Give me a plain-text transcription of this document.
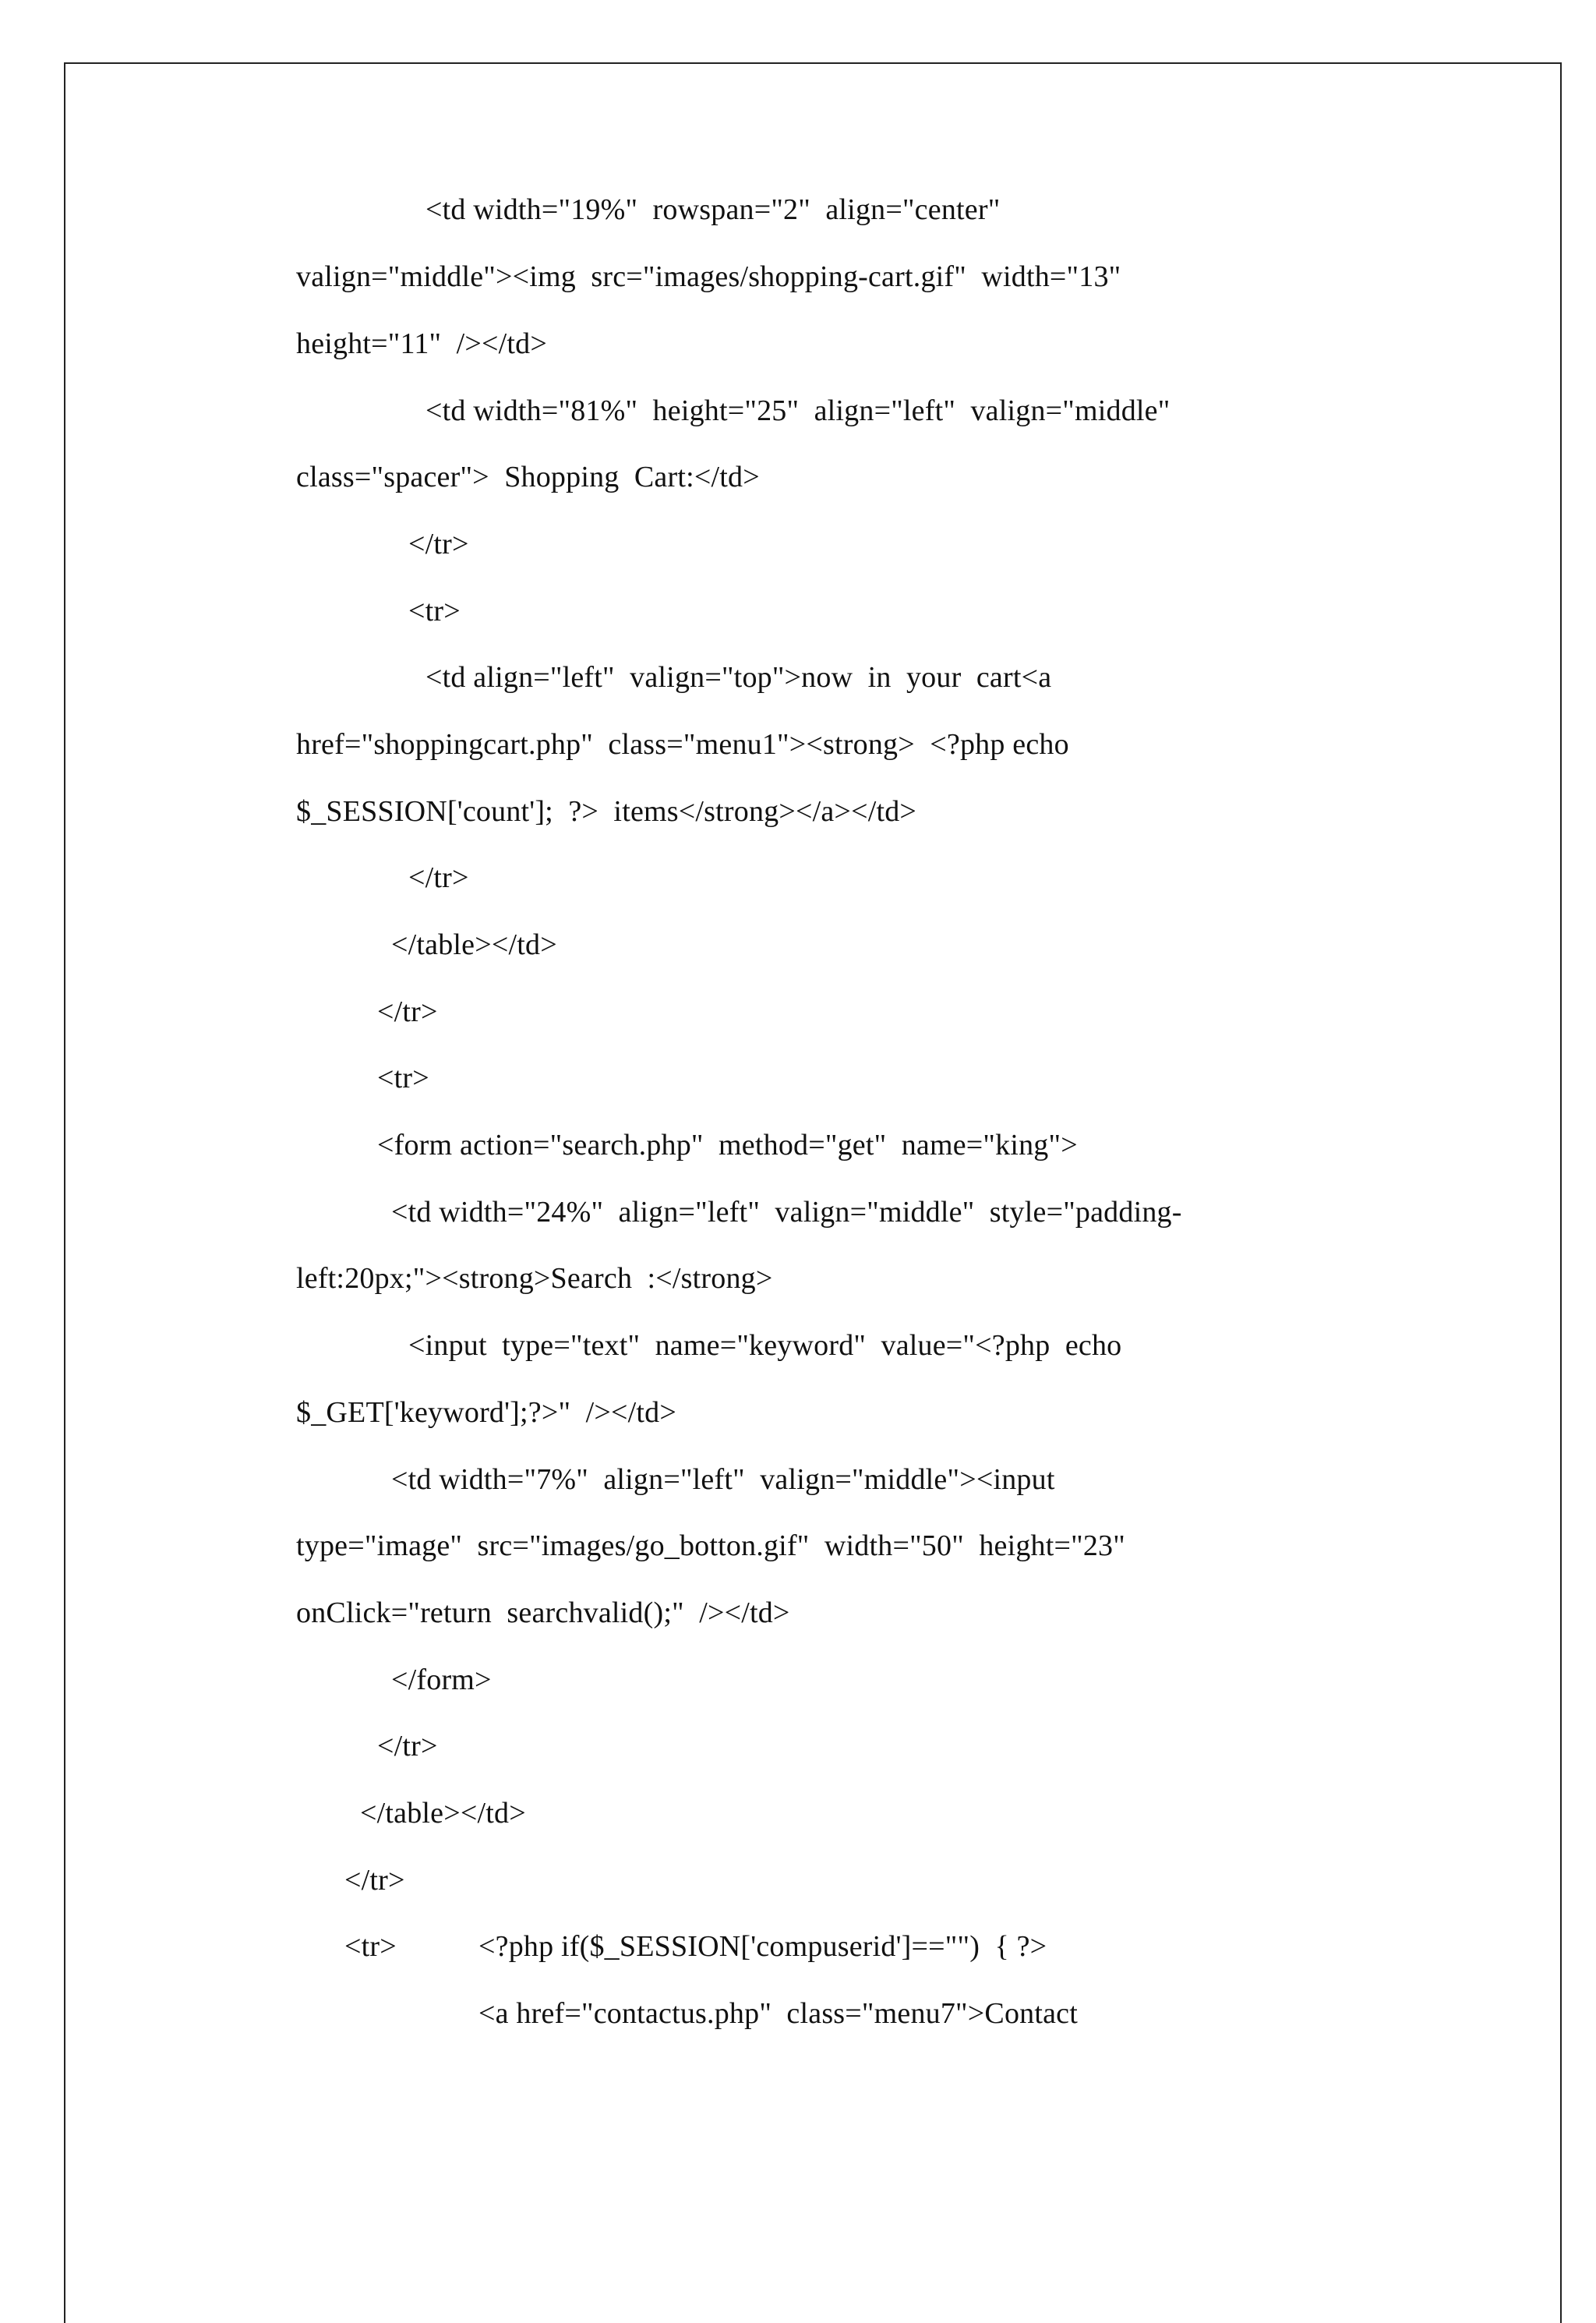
<td width="19%"  rowspan="2"  align="center"
valign="middle"><img  src="images/shopping-cart.gif"  width="13"
height="11"  /></td>
<td width="81%"  height="25"  align="left"  valign="middle"
class="spacer">  Shopping  Cart:</td>
</tr>
<tr>
<td align="left"  valign="top">now  in  your  cart<a
href="shoppingcart.php"  class="menu1"><strong>  <?php echo
$_SESSION['count'];  ?>  items</strong></a></td>
</tr>
</table></td>
</tr>
<tr>
<form action="search.php"  method="get"  name="king">
<td width="24%"  align="left"  valign="middle"  style="padding-
left:20px;"><strong>Search  :</strong>
<input  type="text"  name="keyword"  value="<?php  echo
$_GET['keyword'];?>"  /></td>
<td width="7%"  align="left"  valign="middle"><input
type="image"  src="images/go_botton.gif"  width="50"  height="23"
onClick="return  searchvalid();"  /></td>
</form>
</tr>
</table></td>
</tr>
<tr>	<?php if($_SESSION['compuserid']=="")  { ?>
<a href="contactus.php"  class="menu7">Contact
